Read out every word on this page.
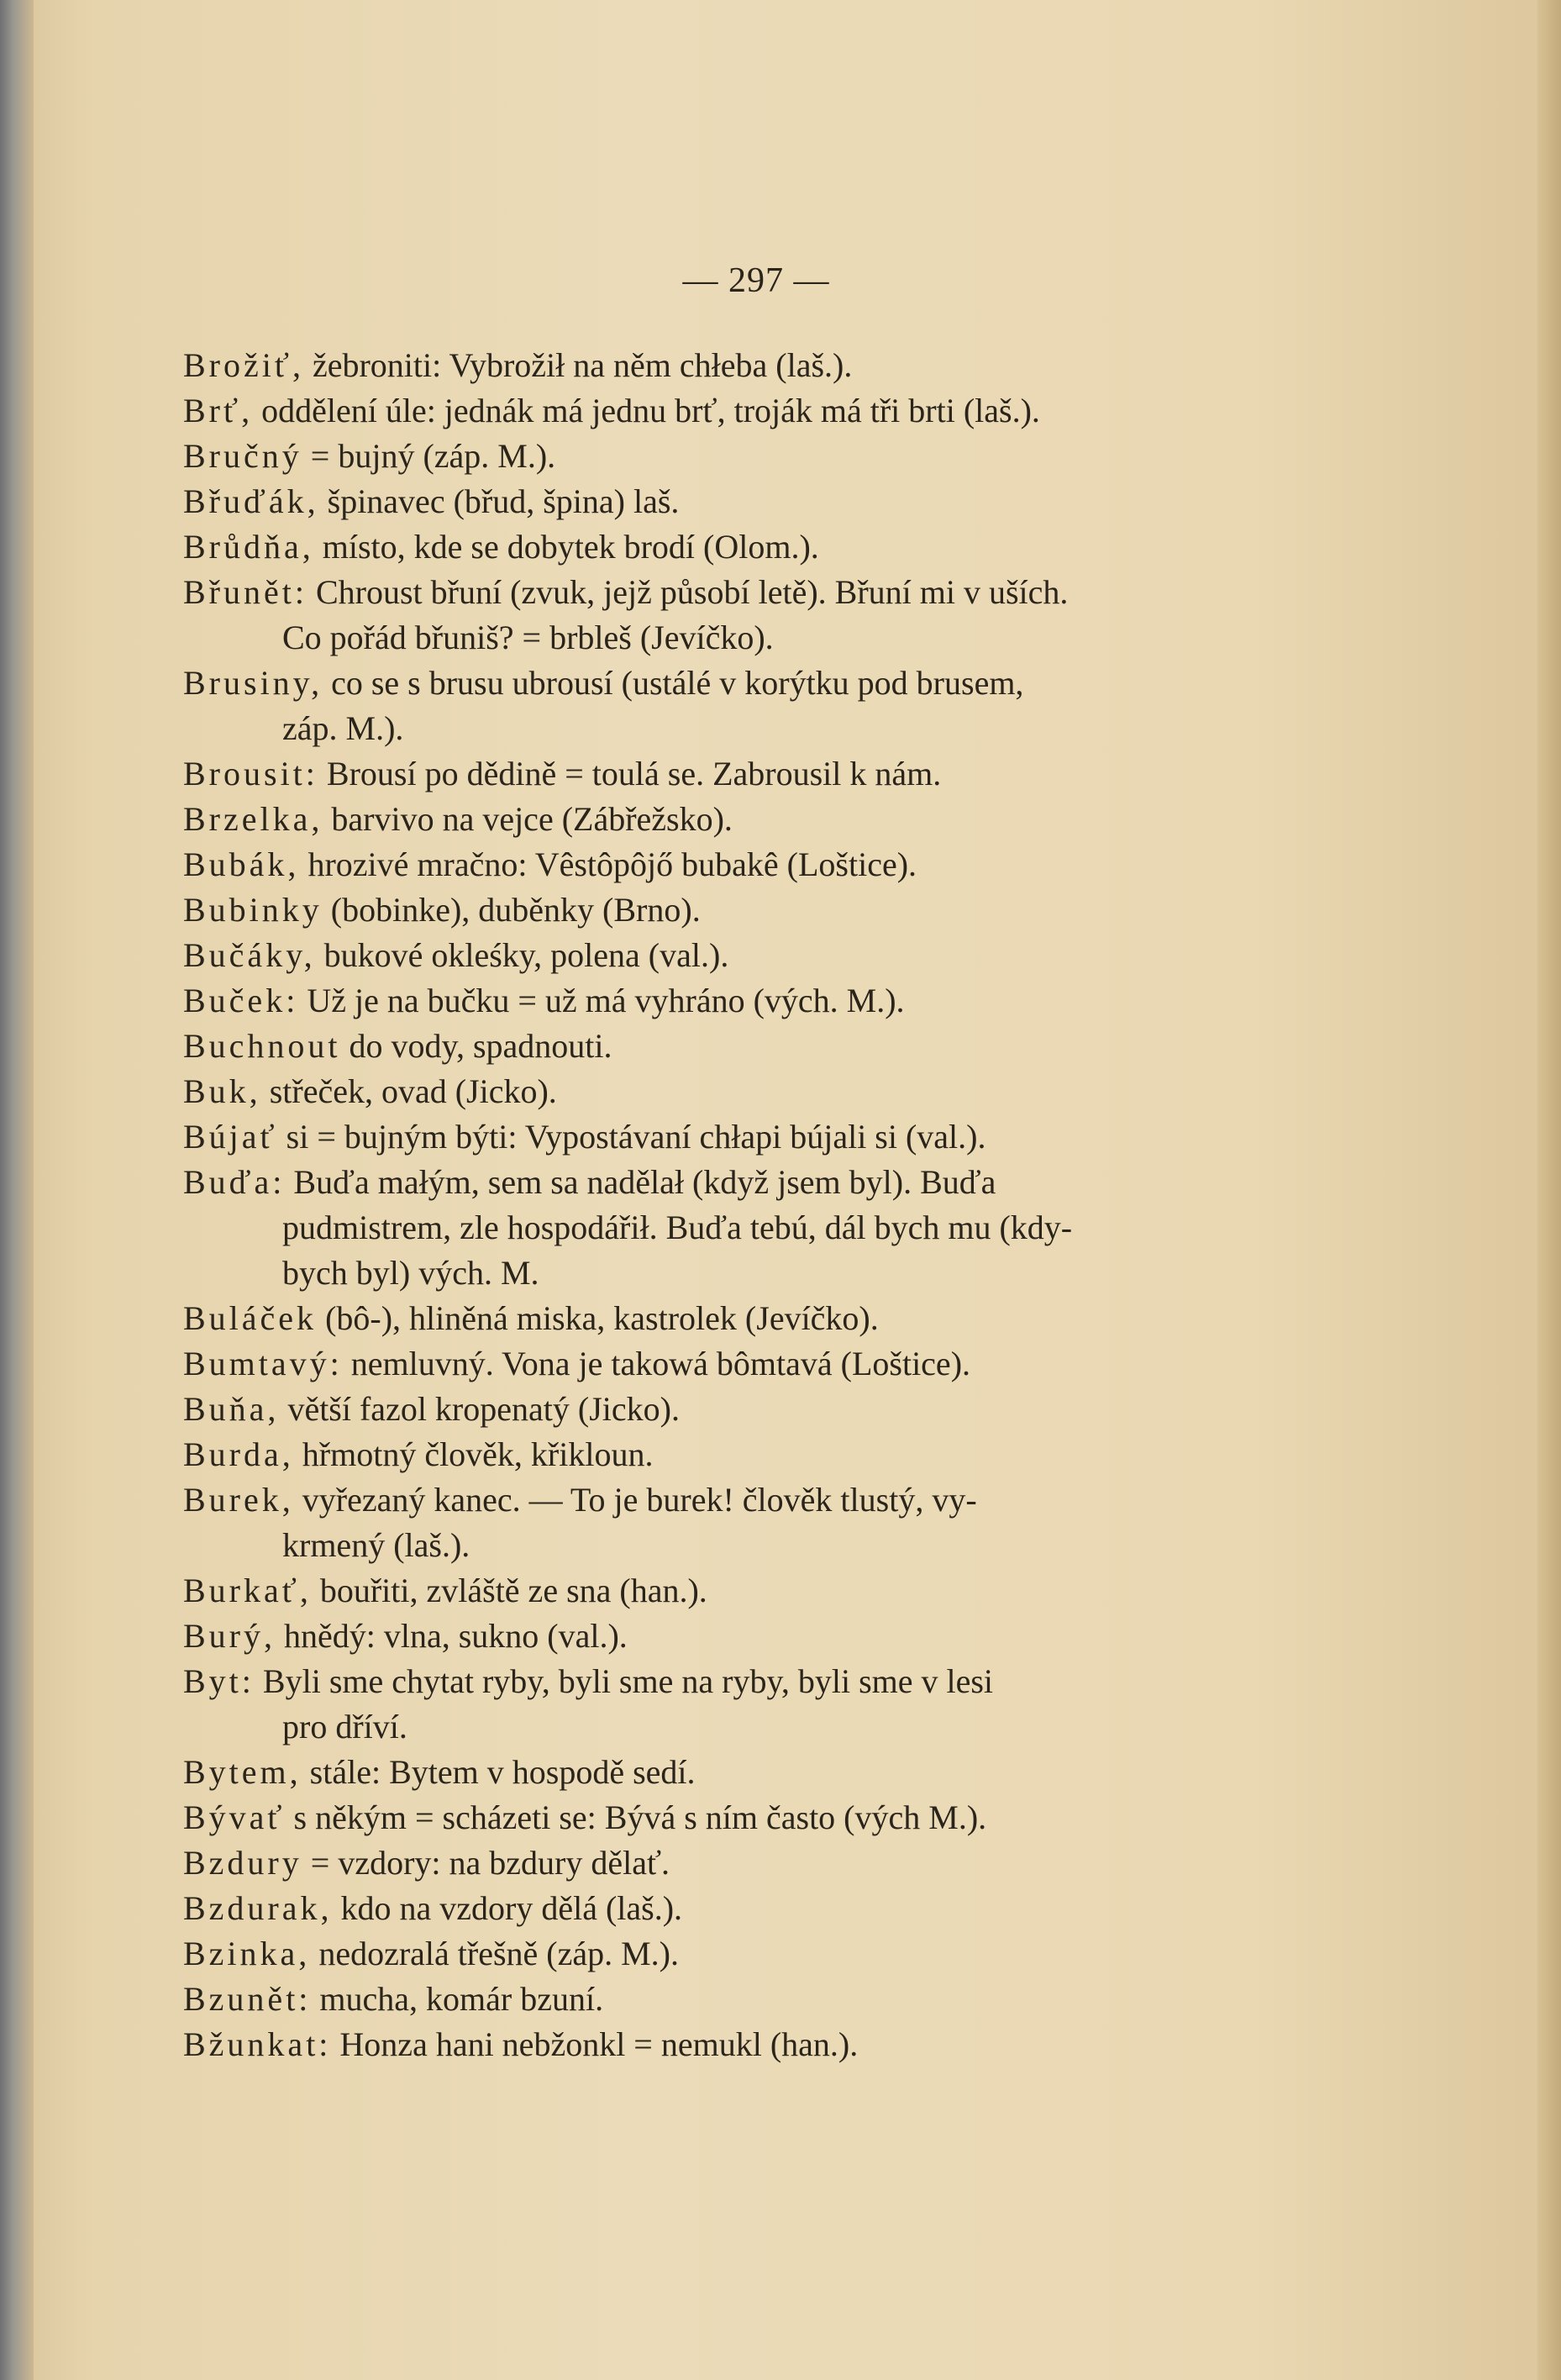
— 297 —
Brožiť, žebroniti: Vybrožił na něm chłeba (laš.).
Brť, oddělení úle: jednák má jednu brť, troják má tři brti (laš.).
Bručný = bujný (záp. M.).
Břuďák, špinavec (břud, špina) laš.
Brůdňa, místo, kde se dobytek brodí (Olom.).
Břunět: Chroust břuní (zvuk, jejž působí letě). Břuní mi v uších.
Co pořád břuniš? = brbleš (Jevíčko).
Brusiny, co se s brusu ubrousí (ustálé v korýtku pod brusem,
záp. M.).
Brousit: Brousí po dědině = toulá se. Zabrousil k nám.
Brzelka, barvivo na vejce (Zábřežsko).
Bubák, hrozivé mračno: Vêstôpôjő bubakê (Loštice).
Bubinky (bobinke), duběnky (Brno).
Bučáky, bukové okleśky, polena (val.).
Buček: Už je na bučku = už má vyhráno (vých. M.).
Buchnout do vody, spadnouti.
Buk, střeček, ovad (Jicko).
Bújať si = bujným býti: Vypostávaní chłapi bújali si (val.).
Buďa: Buďa małým, sem sa nadělał (když jsem byl). Buďa
pudmistrem, zle hospodářił. Buďa tebú, dál bych mu (kdy-
bych byl) vých. M.
Buláček (bô-), hliněná miska, kastrolek (Jevíčko).
Bumtavý: nemluvný. Vona je takowá bômtavá (Loštice).
Buňa, větší fazol kropenatý (Jicko).
Burda, hřmotný člověk, křikloun.
Burek, vyřezaný kanec. — To je burek! člověk tlustý, vy-
krmený (laš.).
Burkať, bouřiti, zvláště ze sna (han.).
Burý, hnědý: vlna, sukno (val.).
Byt: Byli sme chytat ryby, byli sme na ryby, byli sme v lesi
pro dříví.
Bytem, stále: Bytem v hospodě sedí.
Bývať s někým = scházeti se: Bývá s ním často (vých M.).
Bzdury = vzdory: na bzdury dělať.
Bzdurak, kdo na vzdory dělá (laš.).
Bzinka, nedozralá třešně (záp. M.).
Bzunět: mucha, komár bzuní.
Bžunkat: Honza hani nebžonkl = nemukl (han.).
